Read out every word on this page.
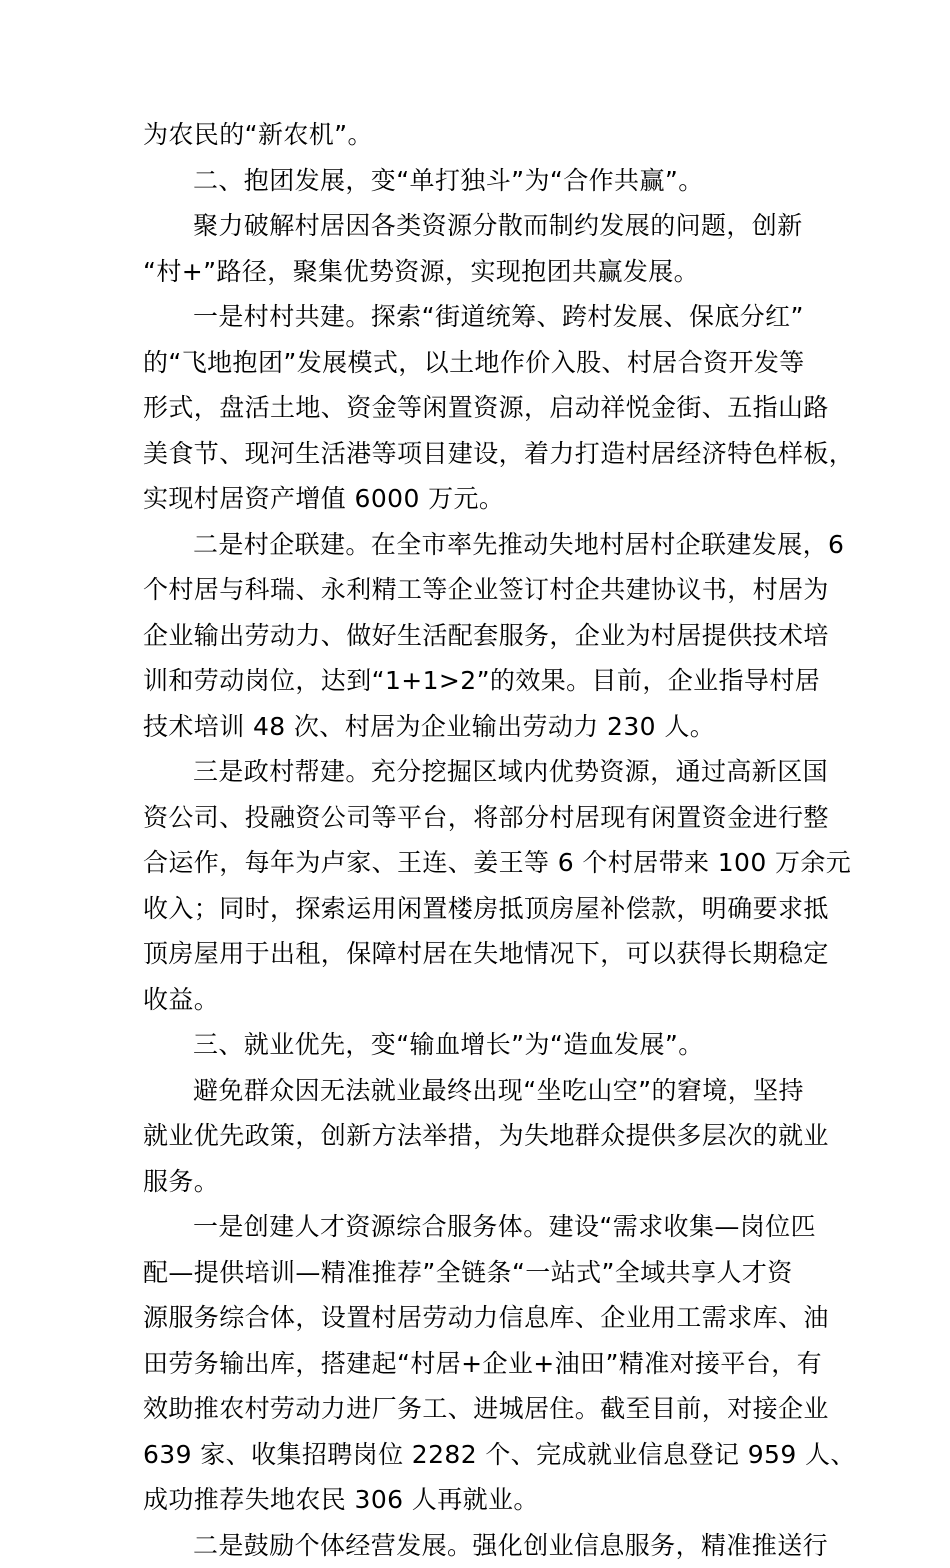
为农民的“新农机”。
二、抱团发展，变“单打独斗”为“合作共赢”。
聚力破解村居因各类资源分散而制约发展的问题，创新
“村+”路径，聚集优势资源，实现抱团共赢发展。
一是村村共建。探索“街道统筹、跨村发展、保底分红”
的“飞地抱团”发展模式，以土地作价入股、村居合资开发等
形式，盘活土地、资金等闲置资源，启动祥悦金街、五指山路
美食节、现河生活港等项目建设，着力打造村居经济特色样板，
实现村居资产增值 6000 万元。
二是村企联建。在全市率先推动失地村居村企联建发展，6
个村居与科瑞、永利精工等企业签订村企共建协议书，村居为
企业输出劳动力、做好生活配套服务，企业为村居提供技术培
训和劳动岗位，达到“1+1>2”的效果。目前，企业指导村居
技术培训 48 次、村居为企业输出劳动力 230 人。
三是政村帮建。充分挖掘区域内优势资源，通过高新区国
资公司、投融资公司等平台，将部分村居现有闲置资金进行整
合运作，每年为卢家、王连、姜王等 6 个村居带来 100 万余元
收入；同时，探索运用闲置楼房抵顶房屋补偿款，明确要求抵
顶房屋用于出租，保障村居在失地情况下，可以获得长期稳定
收益。
三、就业优先，变“输血增长”为“造血发展”。
避免群众因无法就业最终出现“坐吃山空”的窘境，坚持
就业优先政策，创新方法举措，为失地群众提供多层次的就业
服务。
一是创建人才资源综合服务体。建设“需求收集—岗位匹
配—提供培训—精准推荐”全链条“一站式”全域共享人才资
源服务综合体，设置村居劳动力信息库、企业用工需求库、油
田劳务输出库，搭建起“村居+企业+油田”精准对接平台，有
效助推农村劳动力进厂务工、进城居住。截至目前，对接企业
639 家、收集招聘岗位 2282 个、完成就业信息登记 959 人、
成功推荐失地农民 306 人再就业。
二是鼓励个体经营发展。强化创业信息服务，精准推送行
